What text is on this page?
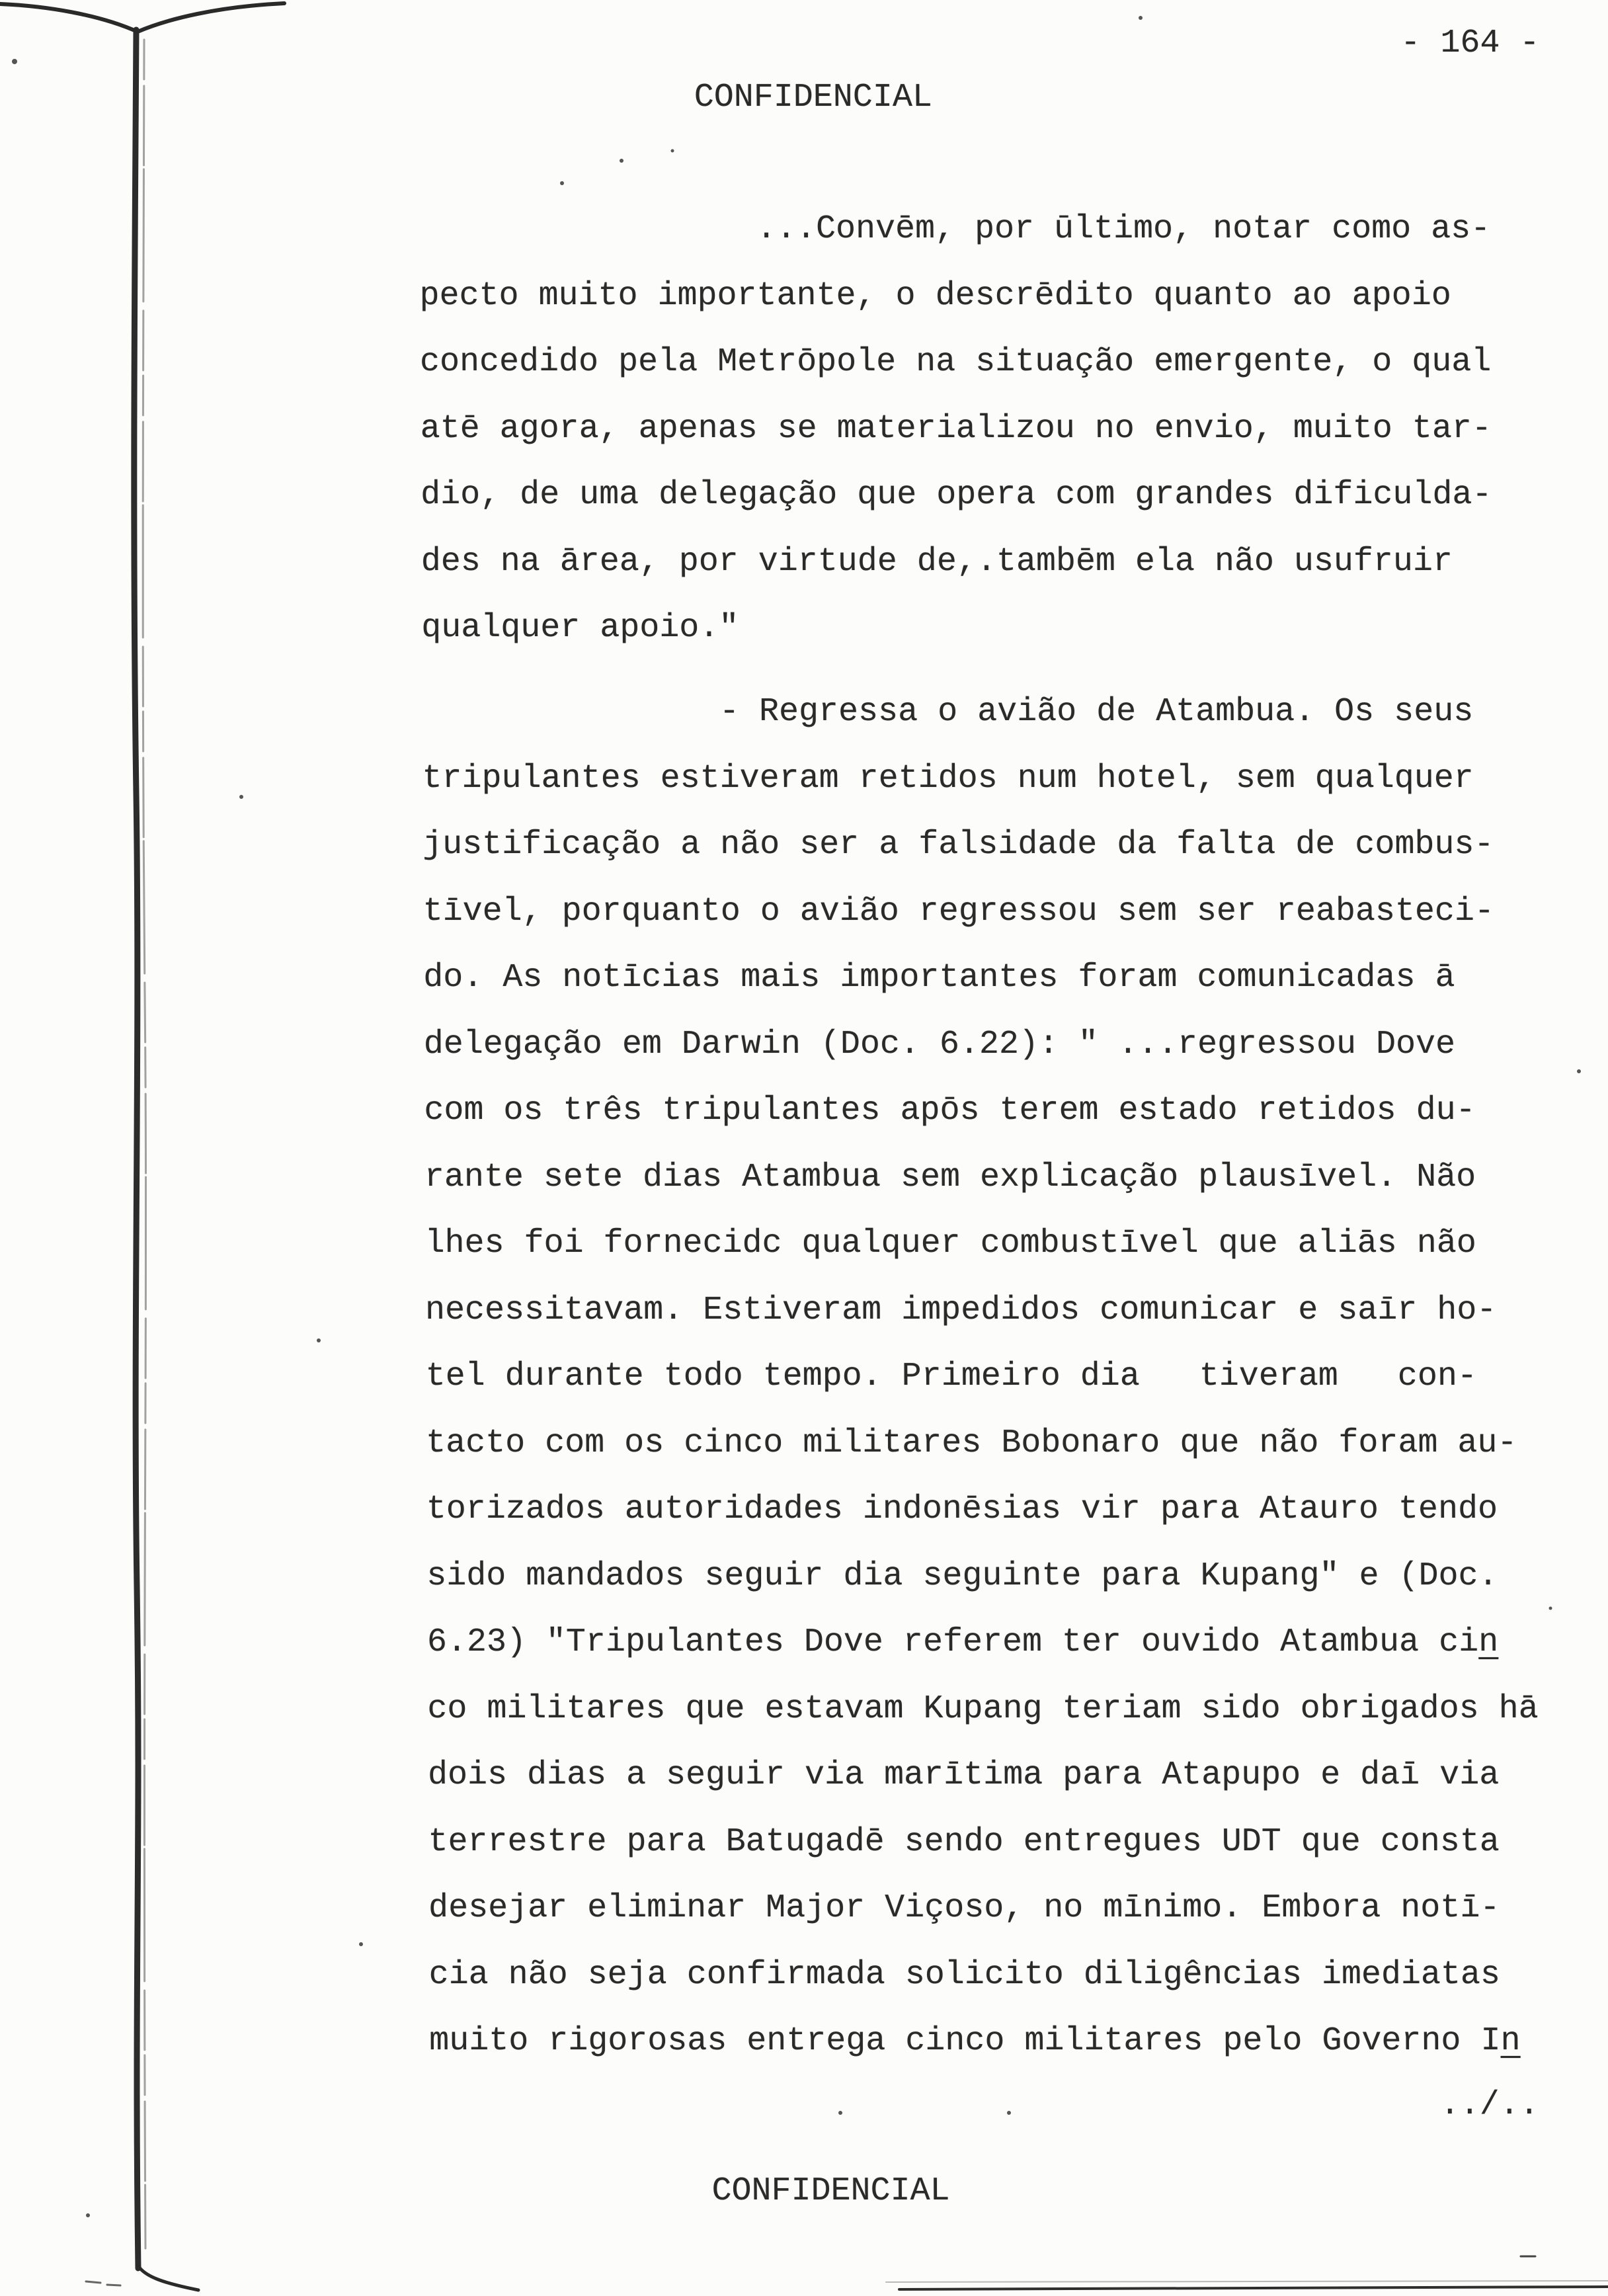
- 164 -
CONFIDENCIAL
...Convēm, por ūltimo, notar como as-
pecto muito importante, o descrēdito quanto ao apoio
concedido pela Metrōpole na situação emergente, o qual
atē agora, apenas se materializou no envio, muito tar-
dio, de uma delegação que opera com grandes dificulda-
des na ārea, por virtude de,.tambēm ela não usufruir
qualquer apoio."
- Regressa o avião de Atambua. Os seus
tripulantes estiveram retidos num hotel, sem qualquer
justificação a não ser a falsidade da falta de combus-
tīvel, porquanto o avião regressou sem ser reabasteci-
do. As notīcias mais importantes foram comunicadas ā
delegação em Darwin (Doc. 6.22): " ...regressou Dove
com os três tripulantes apōs terem estado retidos du-
rante sete dias Atambua sem explicação plausīvel. Não
lhes foi fornecidc qualquer combustīvel que aliās não
necessitavam. Estiveram impedidos comunicar e saīr ho-
tel durante todo tempo. Primeiro dia   tiveram   con-
tacto com os cinco militares Bobonaro que não foram au-
torizados autoridades indonēsias vir para Atauro tendo
sido mandados seguir dia seguinte para Kupang" e (Doc.
6.23) "Tripulantes Dove referem ter ouvido Atambua cin
co militares que estavam Kupang teriam sido obrigados hā
dois dias a seguir via marītima para Atapupo e daī via
terrestre para Batugadē sendo entregues UDT que consta
desejar eliminar Major Viçoso, no mīnimo. Embora notī-
cia não seja confirmada solicito diligências imediatas
muito rigorosas entrega cinco militares pelo Governo In
../..
CONFIDENCIAL
